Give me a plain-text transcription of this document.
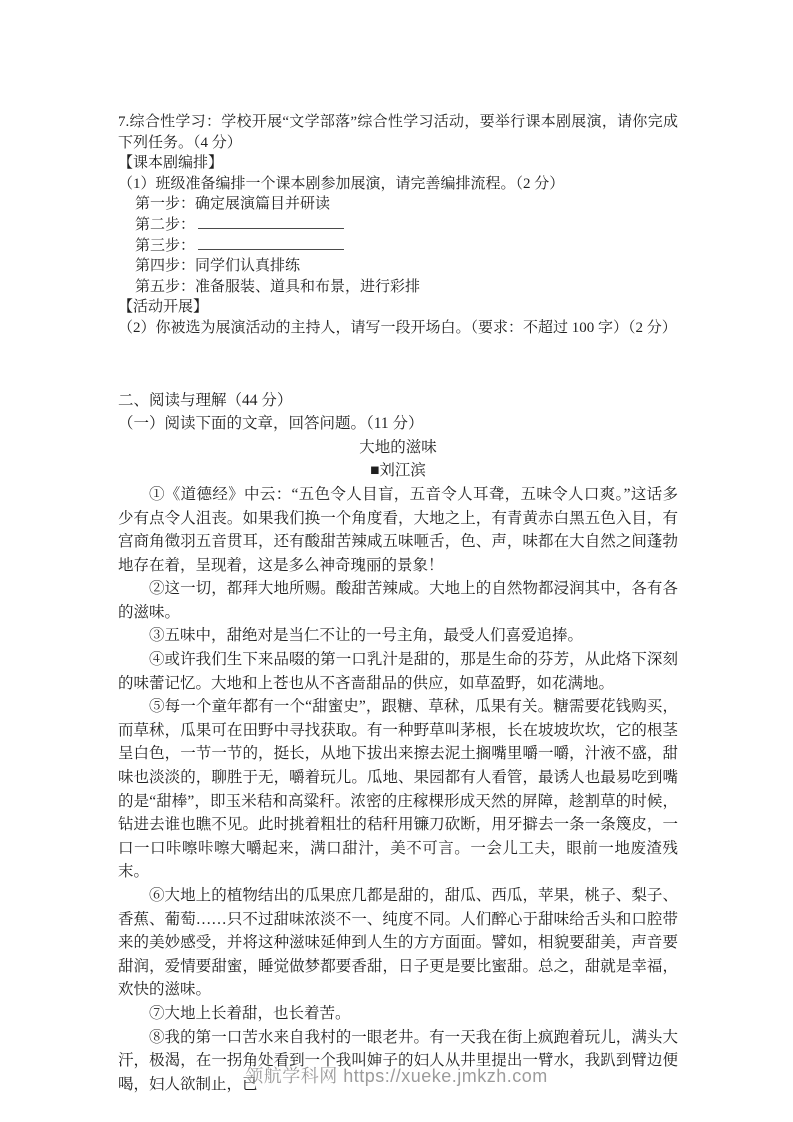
7.综合性学习：学校开展“文学部落”综合性学习活动，要举行课本剧展演，请你完成下列任务。（4 分）
【课本剧编排】
（1）班级准备编排一个课本剧参加展演，请完善编排流程。（2 分）
第一步：确定展演篇目并研读
第二步：
第三步：
第四步：同学们认真排练
第五步：准备服装、道具和布景，进行彩排
【活动开展】
（2）你被选为展演活动的主持人，请写一段开场白。（要求：不超过 100 字）（2 分）
二、阅读与理解（44 分）
（一）阅读下面的文章，回答问题。（11 分）
大地的滋味
■刘江滨

①《道德经》中云：“五色令人目盲，五音令人耳聋，五味令人口爽。”这话多少有点令人沮丧。如果我们换一个角度看，大地之上，有青黄赤白黑五色入目，有宫商角徵羽五音贯耳，还有酸甜苦辣咸五味咂舌，色、声，味都在大自然之间蓬勃地存在着，呈现着，这是多么神奇瑰丽的景象！

②这一切，都拜大地所赐。酸甜苦辣咸。大地上的自然物都浸润其中，各有各的滋味。

③五味中，甜绝对是当仁不让的一号主角，最受人们喜爱追捧。

④或许我们生下来品啜的第一口乳汁是甜的，那是生命的芬芳，从此烙下深刻的味蕾记忆。大地和上苍也从不吝啬甜品的供应，如草盈野，如花满地。

⑤每一个童年都有一个“甜蜜史”，跟糖、草秫，瓜果有关。糖需要花钱购买，而草秫，瓜果可在田野中寻找获取。有一种野草叫茅根，长在坡坡坎坎，它的根茎呈白色，一节一节的，挺长，从地下拔出来擦去泥土搁嘴里嚼一嚼，汁液不盛，甜味也淡淡的，聊胜于无，嚼着玩儿。瓜地、果园都有人看管，最诱人也最易吃到嘴的是“甜棒”，即玉米秸和高粱秆。浓密的庄稼棵形成天然的屏障，趁割草的时候，钻进去谁也瞧不见。此时挑着粗壮的秸秆用镰刀砍断，用牙擗去一条一条篾皮，一口一口咔嚓咔嚓大嚼起来，满口甜汁，美不可言。一会儿工夫，眼前一地废渣残末。

⑥大地上的植物结出的瓜果庶几都是甜的，甜瓜、西瓜，苹果，桃子、梨子、香蕉、葡萄……只不过甜味浓淡不一、纯度不同。人们醉心于甜味给舌头和口腔带来的美妙感受，并将这种滋味延伸到人生的方方面面。譬如，相貌要甜美，声音要甜润，爱情要甜蜜，睡觉做梦都要香甜，日子更是要比蜜甜。总之，甜就是幸福，欢快的滋味。

⑦大地上长着甜，也长着苦。

⑧我的第一口苦水来自我村的一眼老井。有一天我在街上疯跑着玩儿，满头大汗，极渴，在一拐角处看到一个我叫婶子的妇人从井里提出一臂水，我趴到臂边便喝，妇人欲制止，已

领航学科网 https://xueke.jmkzh.com
